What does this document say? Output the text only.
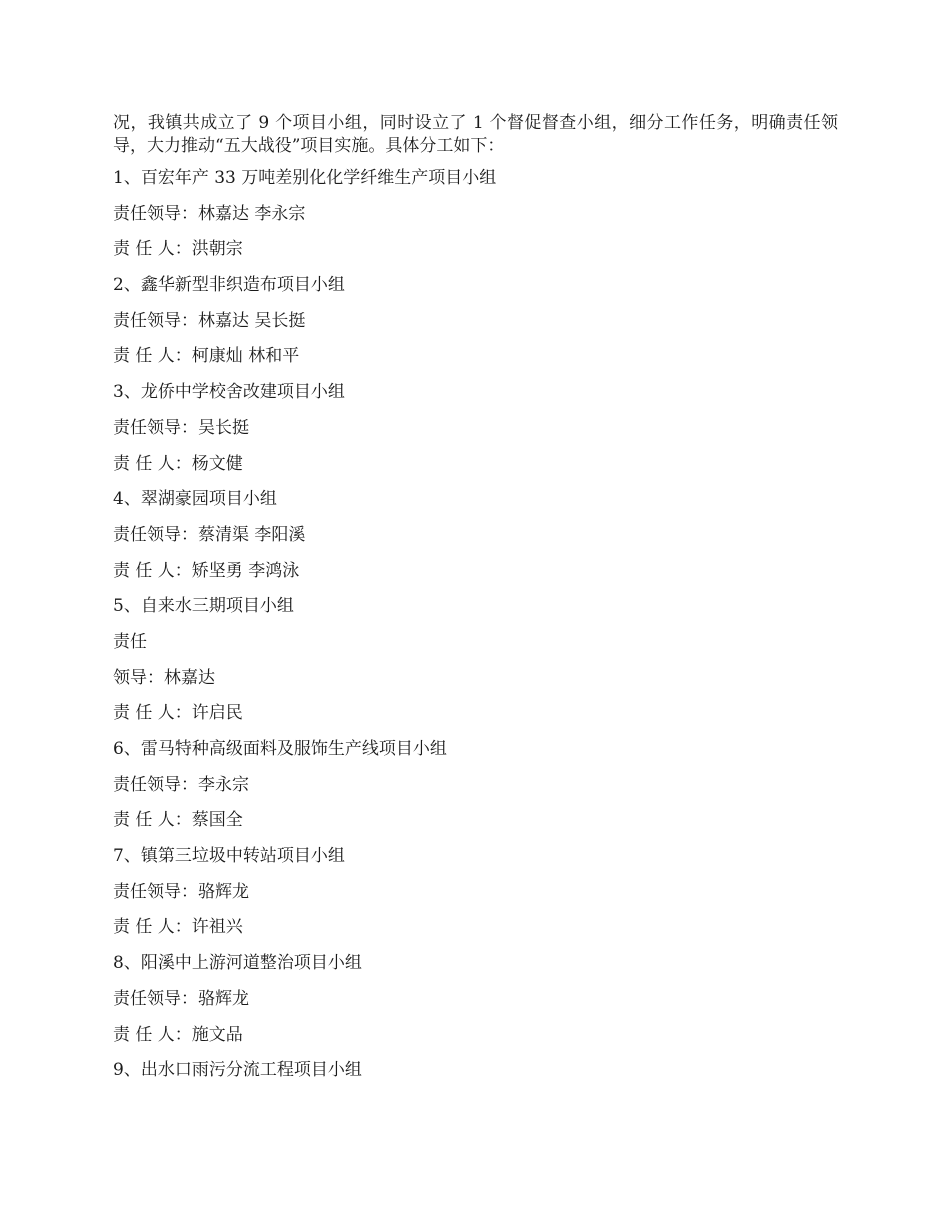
况，我镇共成立了 9 个项目小组，同时设立了 1 个督促督查小组，细分工作任务，明确责任领导，大力推动“五大战役”项目实施。具体分工如下：

1、百宏年产 33 万吨差别化化学纤维生产项目小组
责任领导：林嘉达 李永宗
责 任 人：洪朝宗
2、鑫华新型非织造布项目小组
责任领导：林嘉达 吴长挺
责 任 人：柯康灿 林和平
3、龙侨中学校舍改建项目小组
责任领导：吴长挺
责 任 人：杨文健
4、翠湖豪园项目小组
责任领导：蔡清渠 李阳溪
责 任 人：矫坚勇 李鸿泳
5、自来水三期项目小组
责任
领导：林嘉达
责 任 人：许启民
6、雷马特种高级面料及服饰生产线项目小组
责任领导：李永宗
责 任 人：蔡国全
7、镇第三垃圾中转站项目小组
责任领导：骆辉龙
责 任 人：许祖兴
8、阳溪中上游河道整治项目小组
责任领导：骆辉龙
责 任 人：施文品
9、出水口雨污分流工程项目小组
